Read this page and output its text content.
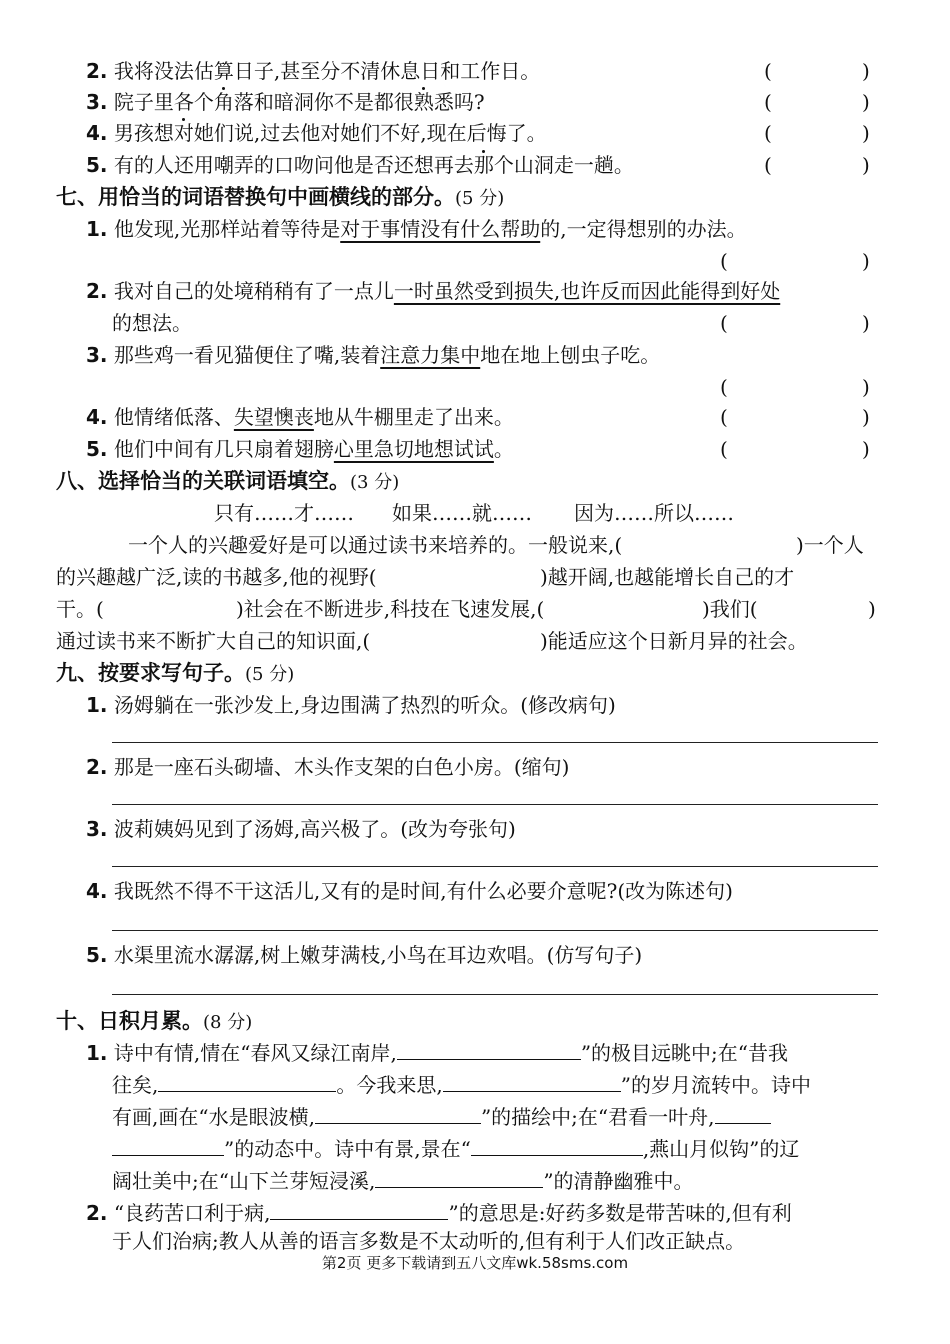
2. 我将没法估算日子,甚至分不清休息日和工作日。
3. 院子里各个角落和暗洞你不是都很熟悉吗?
4. 男孩想对她们说,过去他对她们不好,现在后悔了。
5. 有的人还用嘲弄的口吻问他是否还想再去那个山洞走一趟。
(	)
(	)
(	)
(	)
七、用恰当的词语替换句中画横线的部分。(5 分)
1. 他发现,光那样站着等待是对于事情没有什么帮助的,一定得想别的办法。
2. 我对自己的处境稍稍有了一点儿一时虽然受到损失,也许反而因此能得到好处
的想法。
3. 那些鸡一看见猫便住了嘴,装着注意力集中地在地上刨虫子吃。
4. 他情绪低落、失望懊丧地从牛棚里走了出来。
5. 他们中间有几只扇着翅膀心里急切地想试试。
(	)
(	)
(	)
(	)
(	)
八、选择恰当的关联词语填空。(3 分)
只有……才…… 如果……就…… 因为……所以……
一个人的兴趣爱好是可以通过读书来培养的。一般说来,(	)一个人
的兴趣越广泛,读的书越多,他的视野(	)越开阔,也越能增长自己的才
干。(	)社会在不断进步,科技在飞速发展,(	)我们(	)
通过读书来不断扩大自己的知识面,(	)能适应这个日新月异的社会。
九、按要求写句子。(5 分)
1. 汤姆躺在一张沙发上,身边围满了热烈的听众。(修改病句)
2. 那是一座石头砌墙、木头作支架的白色小房。(缩句)
3. 波莉姨妈见到了汤姆,高兴极了。(改为夸张句)
4. 我既然不得不干这活儿,又有的是时间,有什么必要介意呢?(改为陈述句)
5. 水渠里流水潺潺,树上嫩芽满枝,小鸟在耳边欢唱。(仿写句子)
十、日积月累。(8 分)
1. 诗中有情,情在“春风又绿江南岸,	”的极目远眺中;在“昔我
往矣,	。今我来思,	”的岁月流转中。诗中
有画,画在“水是眼波横,	”的描绘中;在“君看一叶舟,
”的动态中。诗中有景,景在“	,燕山月似钩”的辽
阔壮美中;在“山下兰芽短浸溪,	”的清静幽雅中。
2. “良药苦口利于病,	”的意思是:好药多数是带苦味的,但有利
于人们治病;教人从善的语言多数是不太动听的,但有利于人们改正缺点。
第2页 更多下载请到五八文库wk.58sms.com
